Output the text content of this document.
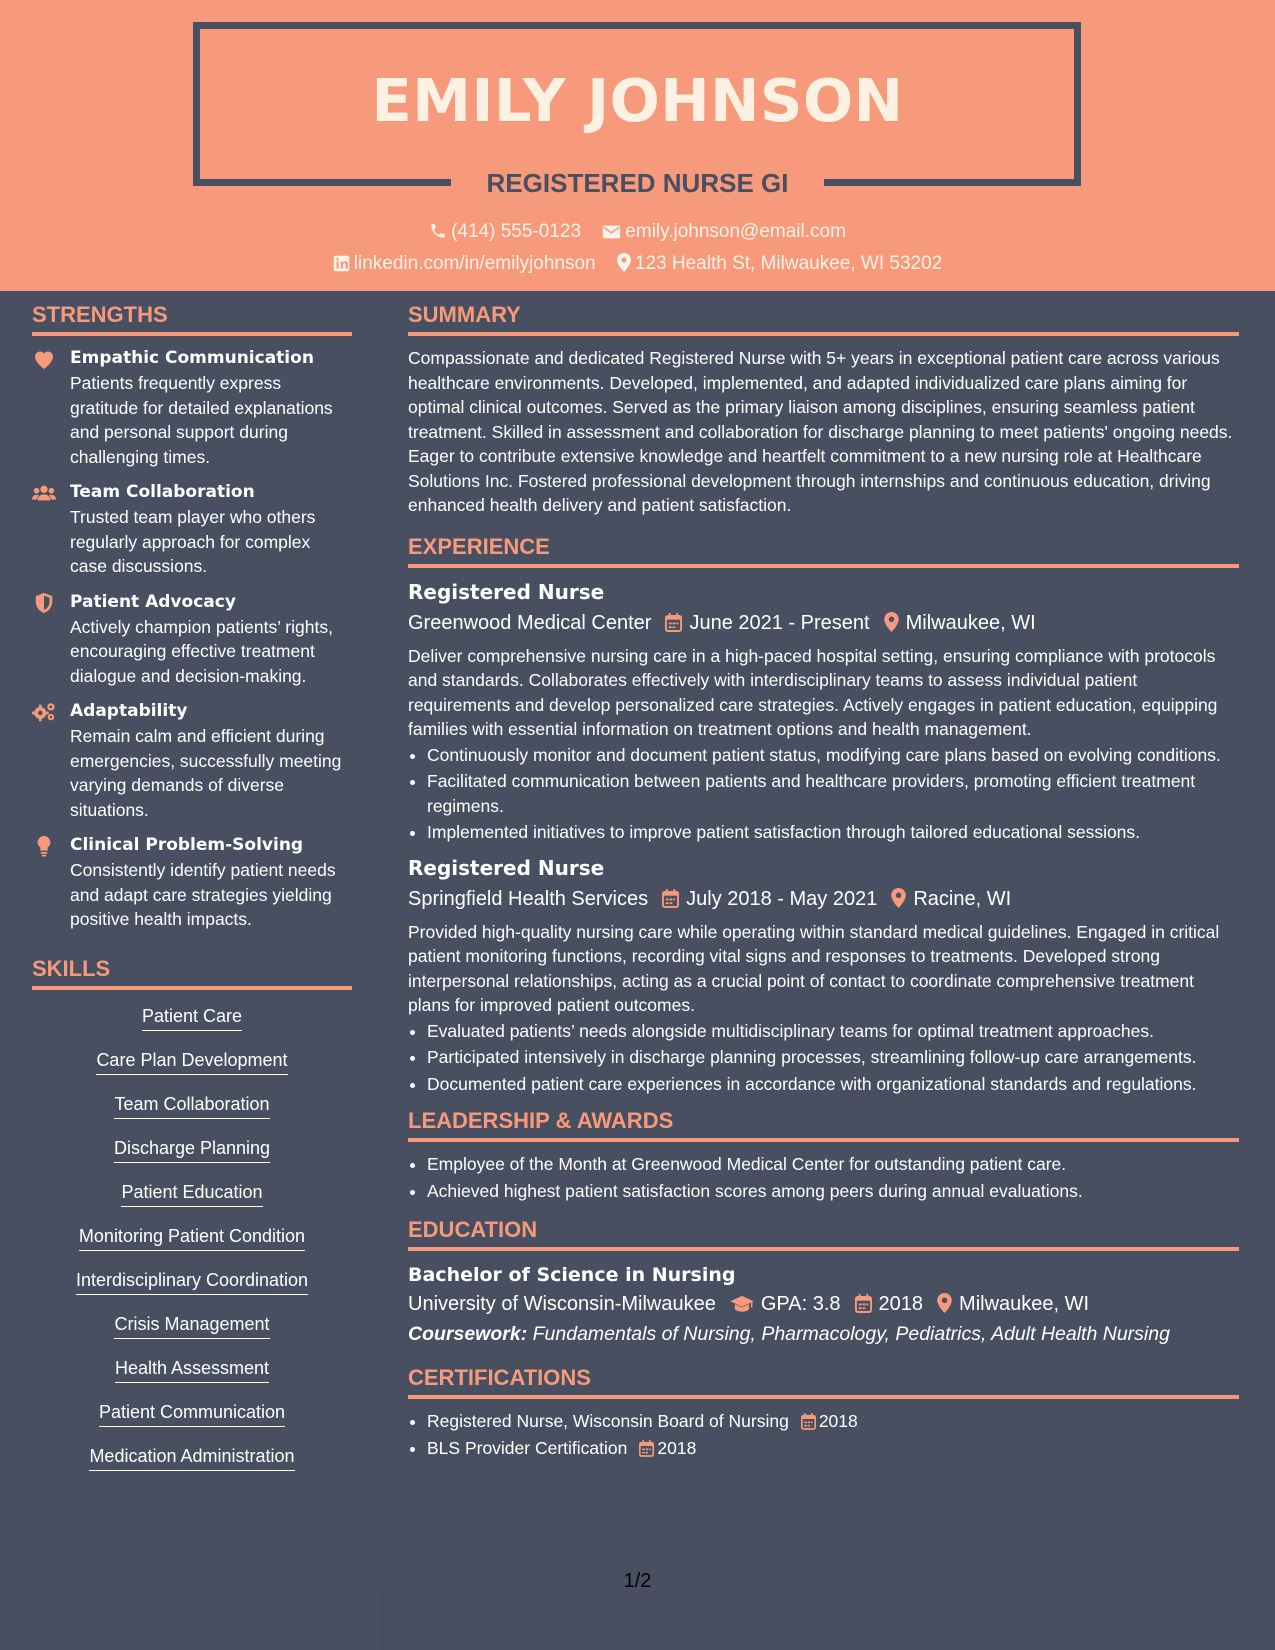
EMILY JOHNSON
REGISTERED NURSE GI
(414) 555-0123 emily.johnson@email.com
linkedin.com/in/emilyjohnson 123 Health St, Milwaukee, WI 53202
STRENGTHS
Empathic Communication
Patients frequently express gratitude for detailed explanations and personal support during challenging times.
Team Collaboration
Trusted team player who others regularly approach for complex case discussions.
Patient Advocacy
Actively champion patients’ rights, encouraging effective treatment dialogue and decision-making.
Adaptability
Remain calm and efficient during emergencies, successfully meeting varying demands of diverse situations.
Clinical Problem-Solving
Consistently identify patient needs and adapt care strategies yielding positive health impacts.
SKILLS
Patient Care
Care Plan Development
Team Collaboration
Discharge Planning
Patient Education
Monitoring Patient Condition
Interdisciplinary Coordination
Crisis Management
Health Assessment
Patient Communication
Medication Administration
SUMMARY

Compassionate and dedicated Registered Nurse with 5+ years in exceptional patient care across various healthcare environments. Developed, implemented, and adapted individualized care plans aiming for optimal clinical outcomes. Served as the primary liaison among disciplines, ensuring seamless patient treatment. Skilled in assessment and collaboration for discharge planning to meet patients' ongoing needs. Eager to contribute extensive knowledge and heartfelt commitment to a new nursing role at Healthcare Solutions Inc. Fostered professional development through internships and continuous education, driving enhanced health delivery and patient satisfaction.

EXPERIENCE
Registered Nurse
Greenwood Medical Center June 2021 - Present Milwaukee, WI

Deliver comprehensive nursing care in a high-paced hospital setting, ensuring compliance with protocols and standards. Collaborates effectively with interdisciplinary teams to assess individual patient requirements and develop personalized care strategies. Actively engages in patient education, equipping families with essential information on treatment options and health management.

• Continuously monitor and document patient status, modifying care plans based on evolving conditions.
• Facilitated communication between patients and healthcare providers, promoting efficient treatment regimens.
• Implemented initiatives to improve patient satisfaction through tailored educational sessions.
Registered Nurse
Springfield Health Services July 2018 - May 2021 Racine, WI

Provided high-quality nursing care while operating within standard medical guidelines. Engaged in critical patient monitoring functions, recording vital signs and responses to treatments. Developed strong interpersonal relationships, acting as a crucial point of contact to coordinate comprehensive treatment plans for improved patient outcomes.

• Evaluated patients’ needs alongside multidisciplinary teams for optimal treatment approaches.
• Participated intensively in discharge planning processes, streamlining follow-up care arrangements.
• Documented patient care experiences in accordance with organizational standards and regulations.
LEADERSHIP & AWARDS
• Employee of the Month at Greenwood Medical Center for outstanding patient care.
• Achieved highest patient satisfaction scores among peers during annual evaluations.
EDUCATION
Bachelor of Science in Nursing
University of Wisconsin-Milwaukee GPA: 3.8 2018 Milwaukee, WI
Coursework: Fundamentals of Nursing, Pharmacology, Pediatrics, Adult Health Nursing
CERTIFICATIONS
• Registered Nurse, Wisconsin Board of Nursing 2018
• BLS Provider Certification 2018
1/2
